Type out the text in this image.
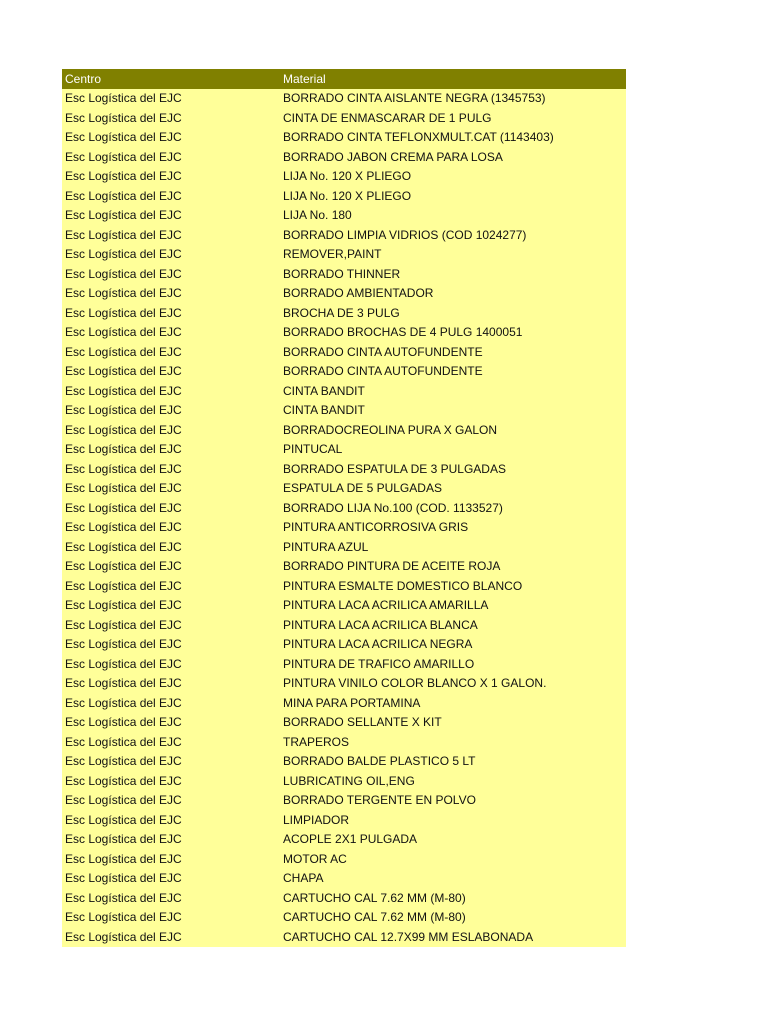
Centro	Material
Esc Logística del EJC	BORRADO CINTA AISLANTE NEGRA (1345753)
Esc Logística del EJC	CINTA DE ENMASCARAR DE 1 PULG
Esc Logística del EJC	BORRADO CINTA TEFLONXMULT.CAT (1143403)
Esc Logística del EJC	BORRADO JABON CREMA PARA LOSA
Esc Logística del EJC	LIJA No. 120 X PLIEGO
Esc Logística del EJC	LIJA No. 120 X PLIEGO
Esc Logística del EJC	LIJA No. 180
Esc Logística del EJC	BORRADO LIMPIA VIDRIOS (COD 1024277)
Esc Logística del EJC	REMOVER,PAINT
Esc Logística del EJC	BORRADO THINNER
Esc Logística del EJC	BORRADO AMBIENTADOR
Esc Logística del EJC	BROCHA DE 3 PULG
Esc Logística del EJC	BORRADO BROCHAS DE 4 PULG 1400051
Esc Logística del EJC	BORRADO CINTA AUTOFUNDENTE
Esc Logística del EJC	BORRADO CINTA AUTOFUNDENTE
Esc Logística del EJC	CINTA BANDIT
Esc Logística del EJC	CINTA BANDIT
Esc Logística del EJC	BORRADOCREOLINA PURA X GALON
Esc Logística del EJC	PINTUCAL
Esc Logística del EJC	BORRADO ESPATULA DE 3 PULGADAS
Esc Logística del EJC	ESPATULA DE 5 PULGADAS
Esc Logística del EJC	BORRADO LIJA No.100 (COD. 1133527)
Esc Logística del EJC	PINTURA ANTICORROSIVA GRIS
Esc Logística del EJC	PINTURA AZUL
Esc Logística del EJC	BORRADO PINTURA DE ACEITE ROJA
Esc Logística del EJC	PINTURA ESMALTE DOMESTICO BLANCO
Esc Logística del EJC	PINTURA LACA ACRILICA AMARILLA
Esc Logística del EJC	PINTURA LACA ACRILICA BLANCA
Esc Logística del EJC	PINTURA LACA ACRILICA NEGRA
Esc Logística del EJC	PINTURA DE TRAFICO AMARILLO
Esc Logística del EJC	PINTURA VINILO COLOR BLANCO X 1 GALON.
Esc Logística del EJC	MINA PARA PORTAMINA
Esc Logística del EJC	BORRADO SELLANTE X KIT
Esc Logística del EJC	TRAPEROS
Esc Logística del EJC	BORRADO BALDE PLASTICO 5 LT
Esc Logística del EJC	LUBRICATING OIL,ENG
Esc Logística del EJC	BORRADO TERGENTE EN POLVO
Esc Logística del EJC	LIMPIADOR
Esc Logística del EJC	ACOPLE 2X1 PULGADA
Esc Logística del EJC	MOTOR AC
Esc Logística del EJC	CHAPA
Esc Logística del EJC	CARTUCHO CAL 7.62 MM (M-80)
Esc Logística del EJC	CARTUCHO CAL 7.62 MM (M-80)
Esc Logística del EJC	CARTUCHO CAL 12.7X99 MM ESLABONADA
